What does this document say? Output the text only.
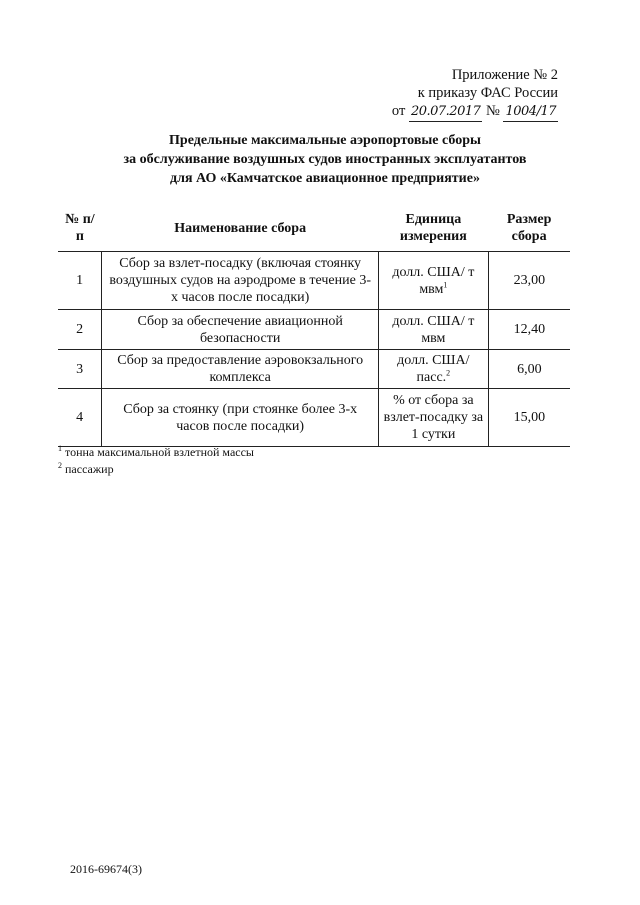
Приложение № 2
к приказу ФАС России
от 20.07.2017 № 1004/17
Предельные максимальные аэропортовые сборы
за обслуживание воздушных судов иностранных эксплуатантов
для АО «Камчатское авиационное предприятие»
№ п/п	Наименование сбора	Единица измерения	Размер сбора
1	Сбор за взлет-посадку (включая стоянку воздушных судов на аэродроме в течение 3-х часов после посадки)	долл. США/ т мвм$^1$	23,00
2	Сбор за обеспечение авиационной безопасности	долл. США/ т мвм	12,40
3	Сбор за предоставление аэровокзального комплекса	долл. США/ пасс.$^2$	6,00
4	Сбор за стоянку (при стоянке более 3-х часов после посадки)	% от сбора за взлет-посадку за 1 сутки	15,00
$^1$ тонна максимальной взлетной массы
$^2$ пассажир
2016-69674(3)
